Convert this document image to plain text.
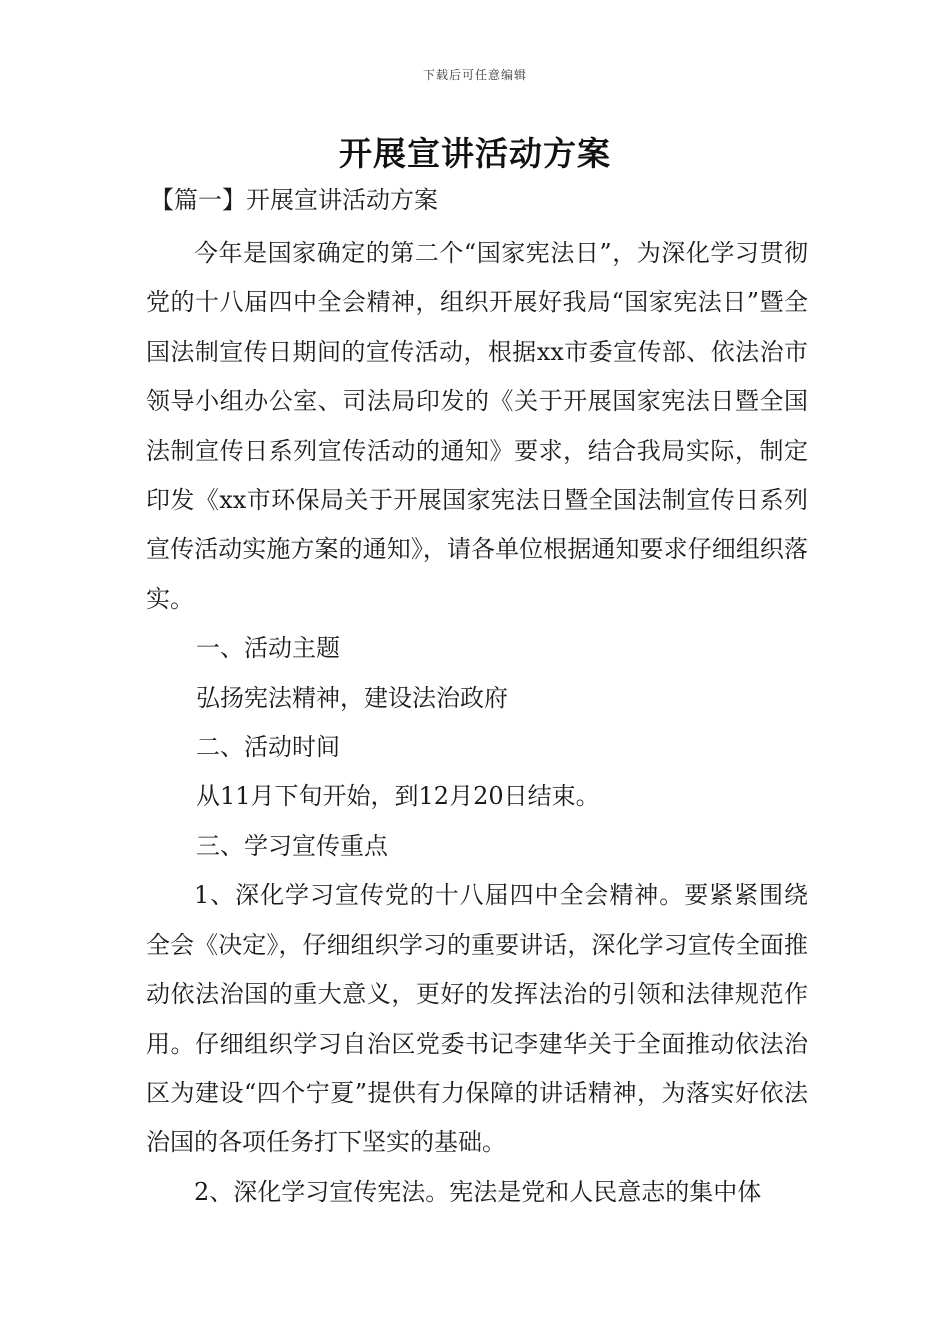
下载后可任意编辑
开展宣讲活动方案
【篇一】开展宣讲活动方案

今年是国家确定的第二个“国家宪法日”，为深化学习贯彻党的十八届四中全会精神，组织开展好我局“国家宪法日”暨全国法制宣传日期间的宣传活动，根据xx市委宣传部、依法治市领导小组办公室、司法局印发的《关于开展国家宪法日暨全国法制宣传日系列宣传活动的通知》要求，结合我局实际，制定印发《xx市环保局关于开展国家宪法日暨全国法制宣传日系列宣传活动实施方案的通知》，请各单位根据通知要求仔细组织落实。

一、活动主题

弘扬宪法精神，建设法治政府

二、活动时间

从11月下旬开始，到12月20日结束。

三、学习宣传重点

1、深化学习宣传党的十八届四中全会精神。要紧紧围绕全会《决定》，仔细组织学习的重要讲话，深化学习宣传全面推动依法治国的重大意义，更好的发挥法治的引领和法律规范作用。仔细组织学习自治区党委书记李建华关于全面推动依法治区为建设“四个宁夏”提供有力保障的讲话精神，为落实好依法治国的各项任务打下坚实的基础。

2、深化学习宣传宪法。宪法是党和人民意志的集中体
